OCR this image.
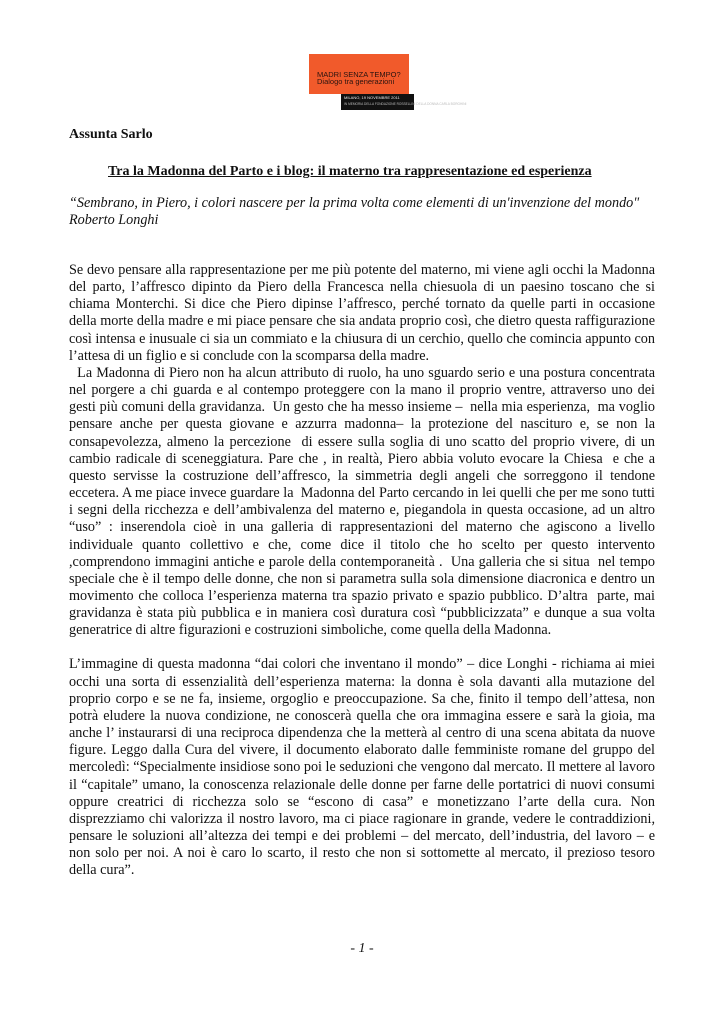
MADRI SENZA TEMPO?
Dialogo tra generazioni
MILANO, 19 NOVEMBRE 2011
IN MEMORIA DELLA FONDAZIONE ROSSELLINI DELLA DONNA CARLA BORGHINI
Assunta Sarlo
Tra la Madonna del Parto e i blog: il materno tra rappresentazione ed esperienza

“Sembrano, in Piero, i colori nascere per la prima volta come elementi di un'invenzione del mondo"

Roberto Longhi

Se devo pensare alla rappresentazione per me più potente del materno, mi viene agli occhi la Madonna del parto, l’affresco dipinto da Piero della Francesca nella chiesuola di un paesino toscano che si chiama Monterchi. Si dice che Piero dipinse l’affresco, perché tornato da quelle parti in occasione della morte della madre e mi piace pensare che sia andata proprio così, che dietro questa raffigurazione così intensa e inusuale ci sia un commiato e la chiusura di un cerchio, quello che comincia appunto con l’attesa di un figlio e si conclude con la scomparsa della madre.

La Madonna di Piero non ha alcun attributo di ruolo, ha uno sguardo serio e una postura concentrata nel porgere a chi guarda e al contempo proteggere con la mano il proprio ventre, attraverso uno dei gesti più comuni della gravidanza.  Un gesto che ha messo insieme –  nella mia esperienza,  ma voglio pensare anche per questa giovane e azzurra madonna– la protezione del nascituro e, se non la consapevolezza, almeno la percezione  di essere sulla soglia di uno scatto del proprio vivere, di un cambio radicale di sceneggiatura. Pare che , in realtà, Piero abbia voluto evocare la Chiesa  e che a questo servisse la costruzione dell’affresco, la simmetria degli angeli che sorreggono il tendone eccetera. A me piace invece guardare la  Madonna del Parto cercando in lei quelli che per me sono tutti i segni della ricchezza e dell’ambivalenza del materno e, piegandola in questa occasione, ad un altro “uso” : inserendola cioè in una galleria di rappresentazioni del materno che agiscono a livello individuale quanto collettivo e che, come dice il titolo che ho scelto per questo intervento ,comprendono immagini antiche e parole della contemporaneità .  Una galleria che si situa  nel tempo speciale che è il tempo delle donne, che non si parametra sulla sola dimensione diacronica e dentro un movimento che colloca l’esperienza materna tra spazio privato e spazio pubblico. D’altra  parte, mai gravidanza è stata più pubblica e in maniera così duratura così “pubblicizzata” e dunque a sua volta generatrice di altre figurazioni e costruzioni simboliche, come quella della Madonna.

L’immagine di questa madonna “dai colori che inventano il mondo” – dice Longhi - richiama ai miei occhi una sorta di essenzialità dell’esperienza materna: la donna è sola davanti alla mutazione del proprio corpo e se ne fa, insieme, orgoglio e preoccupazione. Sa che, finito il tempo dell’attesa, non potrà eludere la nuova condizione, ne conoscerà quella che ora immagina essere e sarà la gioia, ma anche l’ instaurarsi di una reciproca dipendenza che la metterà al centro di una scena abitata da nuove figure. Leggo dalla Cura del vivere, il documento elaborato dalle femministe romane del gruppo del mercoledì: “Specialmente insidiose sono poi le seduzioni che vengono dal mercato. Il mettere al lavoro il “capitale” umano, la conoscenza relazionale delle donne per farne delle portatrici di nuovi consumi oppure creatrici di ricchezza solo se “escono di casa” e monetizzano l’arte della cura. Non disprezziamo chi valorizza il nostro lavoro, ma ci piace ragionare in grande, vedere le contraddizioni, pensare le soluzioni all’altezza dei tempi e dei problemi – del mercato, dell’industria, del lavoro – e non solo per noi. A noi è caro lo scarto, il resto che non si sottomette al mercato, il prezioso tesoro della cura”.

- 1 -
